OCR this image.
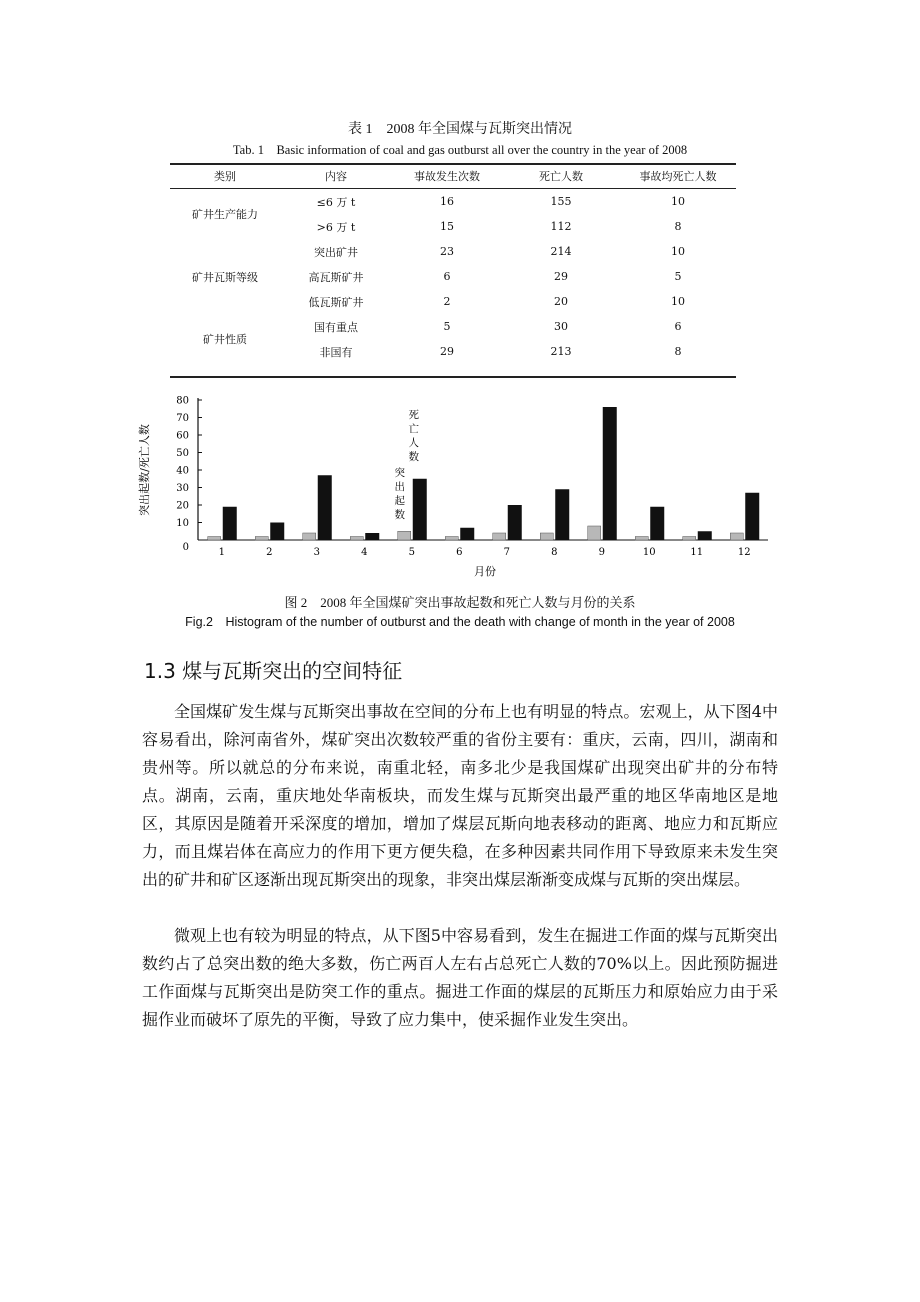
表 1　2008 年全国煤与瓦斯突出情况
Tab. 1　Basic information of coal and gas outburst all over the country in the year of 2008
类别	内容	事故发生次数	死亡人数	事故均死亡人数
矿井生产能力	≤6 万 t	16	155	10
	>6 万 t	15	112	8
矿井瓦斯等级	突出矿井	23	214	10
	高瓦斯矿井	6	29	5
	低瓦斯矿井	2	20	10
矿井性质	国有重点	5	30	6
	非国有	29	213	8
0
10
20
30
40
50
60
70
80
突出起数/死亡人数
1	2	3	4	5	6	7	8	9	10	11	12
月份
死
亡
人
数
突
出
起
数
图 2　2008 年全国煤矿突出事故起数和死亡人数与月份的关系
Fig.2　Histogram of the number of outburst and the death with change of month in the year of 2008
1.3 煤与瓦斯突出的空间特征

全国煤矿发生煤与瓦斯突出事故在空间的分布上也有明显的特点。宏观上，从下图4中容易看出，除河南省外，煤矿突出次数较严重的省份主要有：重庆，云南，四川，湖南和贵州等。所以就总的分布来说，南重北轻，南多北少是我国煤矿出现突出矿井的分布特点。湖南，云南，重庆地处华南板块，而发生煤与瓦斯突出最严重的地区华南地区是地区，其原因是随着开采深度的增加，增加了煤层瓦斯向地表移动的距离、地应力和瓦斯应力，而且煤岩体在高应力的作用下更方便失稳，在多种因素共同作用下导致原来未发生突出的矿井和矿区逐渐出现瓦斯突出的现象，非突出煤层渐渐变成煤与瓦斯的突出煤层。

微观上也有较为明显的特点，从下图5中容易看到，发生在掘进工作面的煤与瓦斯突出数约占了总突出数的绝大多数，伤亡两百人左右占总死亡人数的70%以上。因此预防掘进工作面煤与瓦斯突出是防突工作的重点。掘进工作面的煤层的瓦斯压力和原始应力由于采掘作业而破坏了原先的平衡，导致了应力集中，使采掘作业发生突出。
